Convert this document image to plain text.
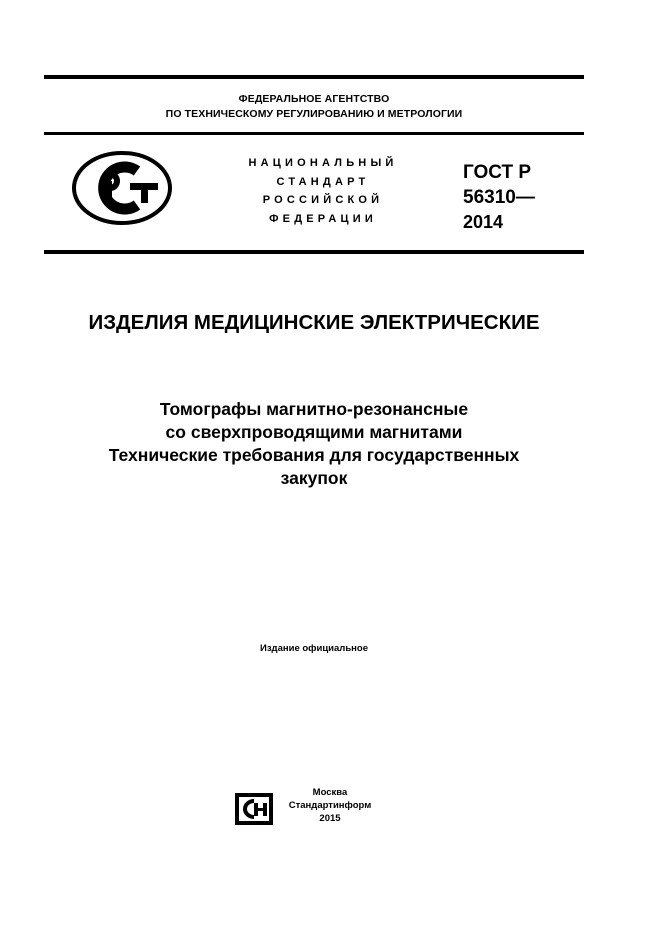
ФЕДЕРАЛЬНОЕ АГЕНТСТВО
ПО ТЕХНИЧЕСКОМУ РЕГУЛИРОВАНИЮ И МЕТРОЛОГИИ
НАЦИОНАЛЬНЫЙ
СТАНДАРТ
РОССИЙСКОЙ
ФЕДЕРАЦИИ
ГОСТ Р
56310—
2014
ИЗДЕЛИЯ МЕДИЦИНСКИЕ ЭЛЕКТРИЧЕСКИЕ
Томографы магнитно-резонансные
со сверхпроводящими магнитами
Технические требования для государственных
закупок
Издание официальное
Москва
Стандартинформ
2015
